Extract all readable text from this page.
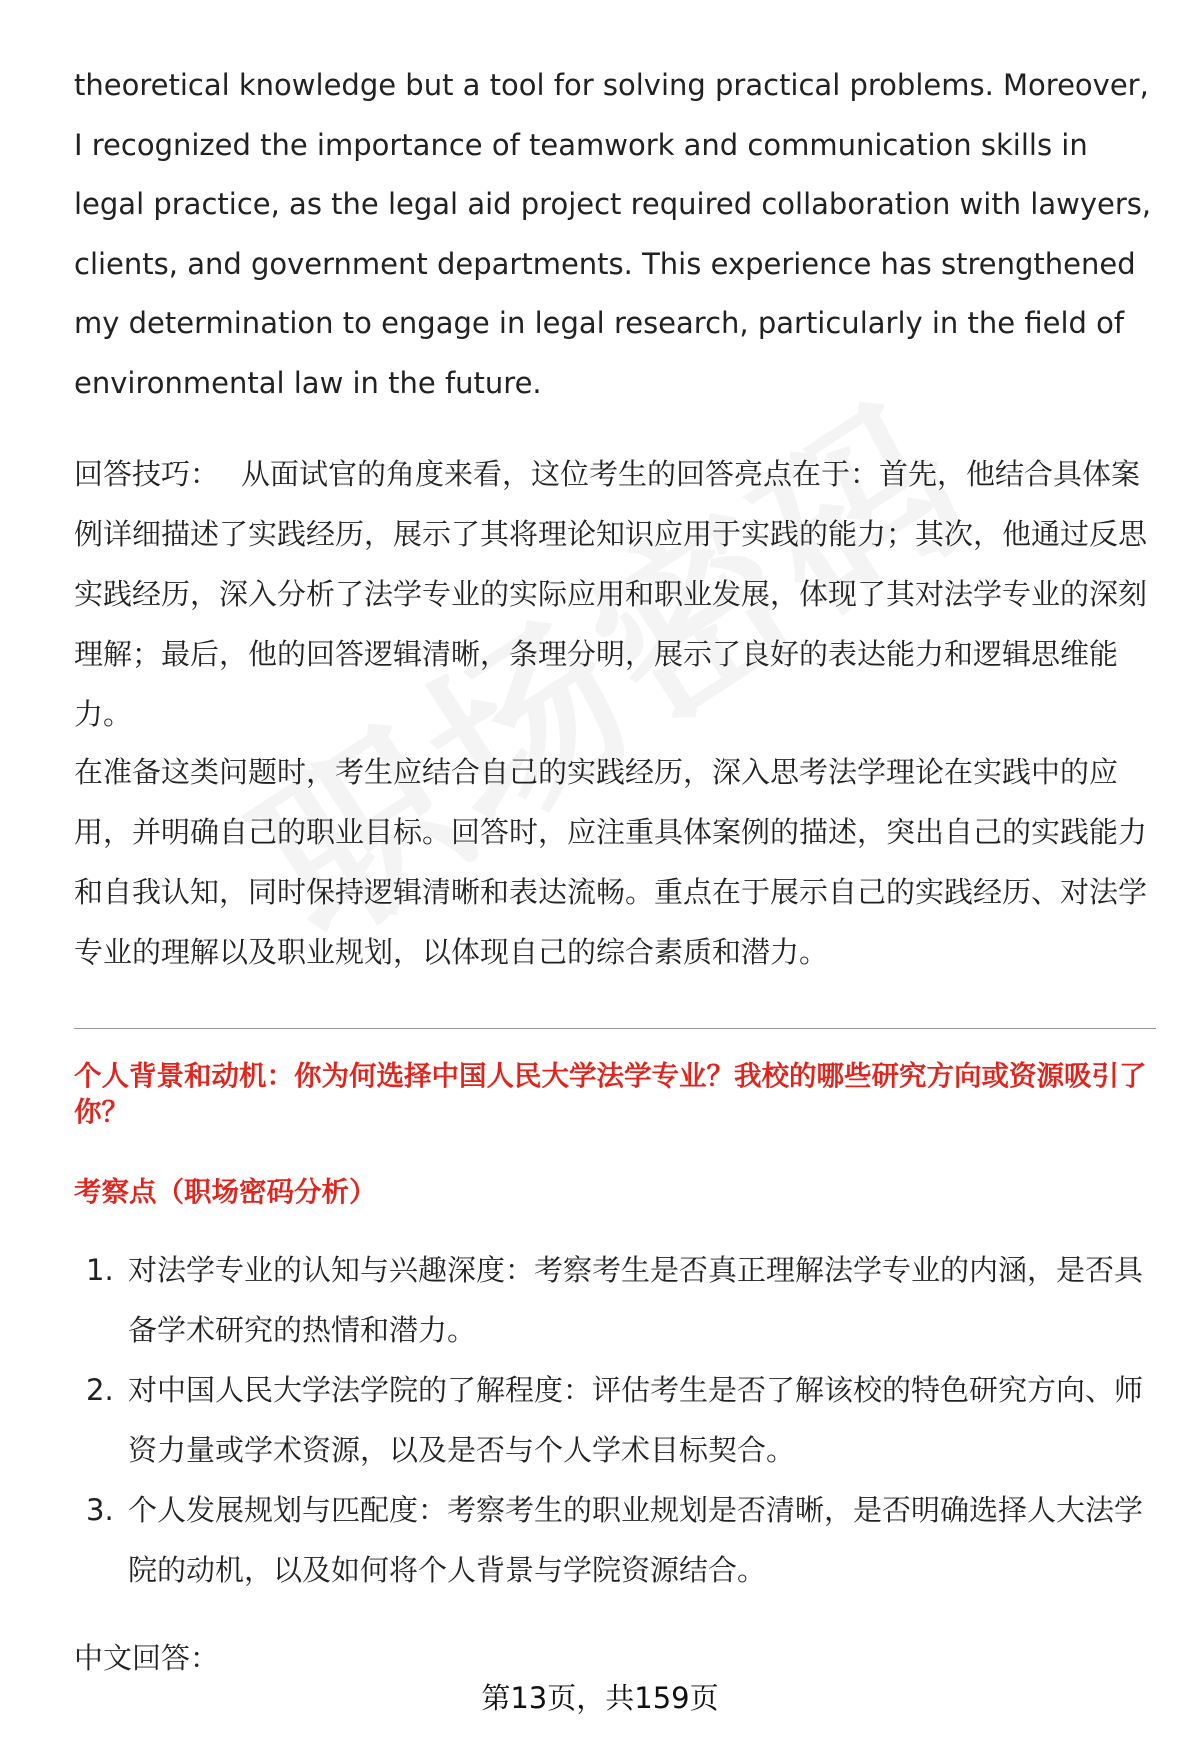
theoretical knowledge but a tool for solving practical problems. Moreover, I recognized the importance of teamwork and communication skills in legal practice, as the legal aid project required collaboration with lawyers, clients, and government departments. This experience has strengthened my determination to engage in legal research, particularly in the field of environmental law in the future.

回答技巧： 从面试官的角度来看，这位考生的回答亮点在于：首先，他结合具体案例详细描述了实践经历，展示了其将理论知识应用于实践的能力；其次，他通过反思实践经历，深入分析了法学专业的实际应用和职业发展，体现了其对法学专业的深刻理解；最后，他的回答逻辑清晰，条理分明，展示了良好的表达能力和逻辑思维能力。

在准备这类问题时，考生应结合自己的实践经历，深入思考法学理论在实践中的应用，并明确自己的职业目标。回答时，应注重具体案例的描述，突出自己的实践能力和自我认知，同时保持逻辑清晰和表达流畅。重点在于展示自己的实践经历、对法学专业的理解以及职业规划，以体现自己的综合素质和潜力。

个人背景和动机：你为何选择中国人民大学法学专业？我校的哪些研究方向或资源吸引了你？
考察点（职场密码分析）
1. 对法学专业的认知与兴趣深度：考察考生是否真正理解法学专业的内涵，是否具备学术研究的热情和潜力。
2. 对中国人民大学法学院的了解程度：评估考生是否了解该校的特色研究方向、师资力量或学术资源，以及是否与个人学术目标契合。
3. 个人发展规划与匹配度：考察考生的职业规划是否清晰，是否明确选择人大法学院的动机，以及如何将个人背景与学院资源结合。

中文回答：

第13页，共159页
